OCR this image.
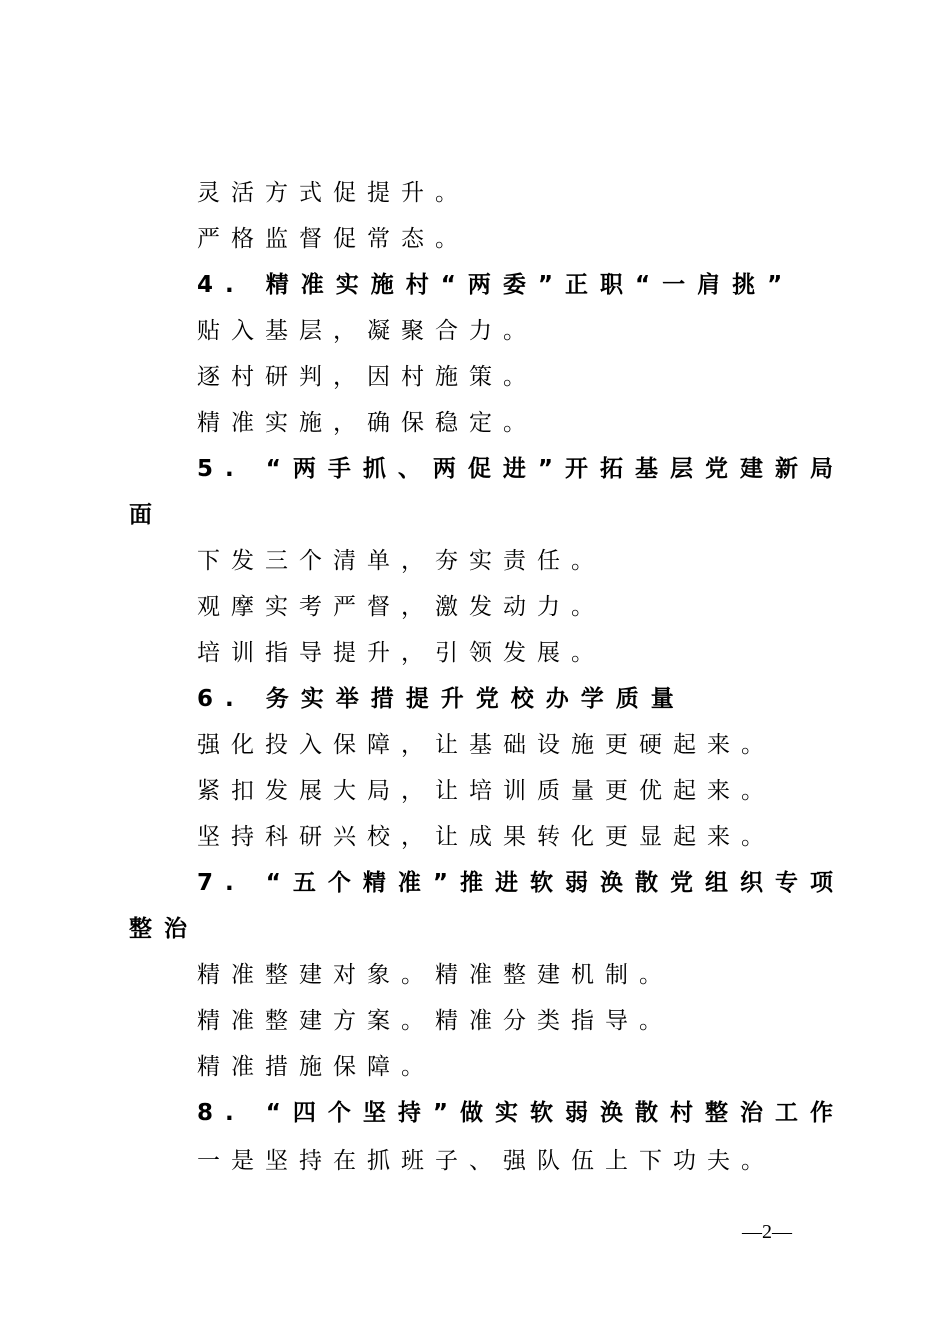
灵活方式促提升。
严格监督促常态。
4. 精准实施村“两委”正职“一肩挑”
贴入基层，凝聚合力。
逐村研判，因村施策。
精准实施，确保稳定。
5. “两手抓、两促进”开拓基层党建新局
面
下发三个清单，夯实责任。
观摩实考严督，激发动力。
培训指导提升，引领发展。
6. 务实举措提升党校办学质量
强化投入保障，让基础设施更硬起来。
紧扣发展大局，让培训质量更优起来。
坚持科研兴校，让成果转化更显起来。
7. “五个精准”推进软弱涣散党组织专项
整治
精准整建对象。精准整建机制。
精准整建方案。精准分类指导。
精准措施保障。
8. “四个坚持”做实软弱涣散村整治工作
一是坚持在抓班子、强队伍上下功夫。
—2—
